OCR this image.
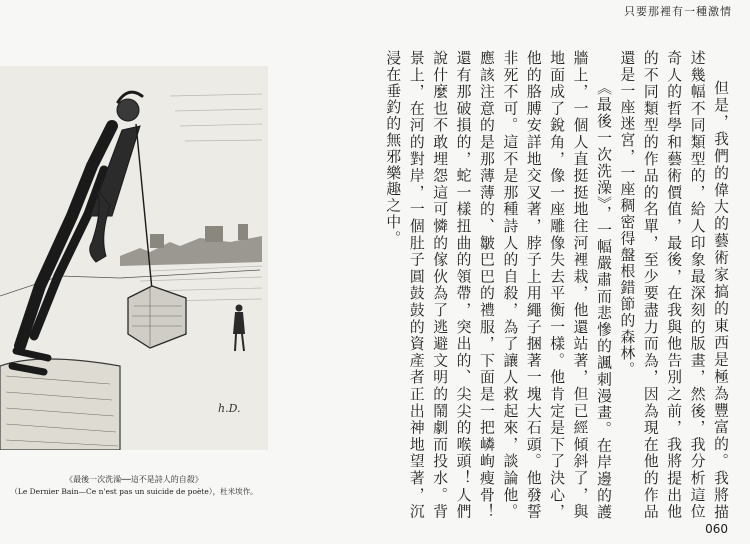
只要那裡有一種激情
h.D.
《最後一次洗澡──這不是詩人的自殺》
（Le Dernier Bain—Ce n'est pas un suicide de poète），杜米埃作。	但是，我們的偉大的藝術家搞的東西是極為豐富的。我將描述幾幅不同類型的，給人印象最深刻的版畫，然後，我分析這位奇人的哲學和藝術價值，最後，在我與他告別之前，我將提出他的不同類型的作品的名單，至少要盡力而為，因為現在他的作品還是一座迷宮，一座稠密得盤根錯節的森林。

《最後一次洗澡》，一幅嚴肅而悲慘的諷刺漫畫。在岸邊的護牆上，一個人直挺挺地往河裡栽，他還站著，但已經傾斜了，與地面成了銳角，像一座雕像失去平衡一樣。他肯定是下了決心，他的胳膊安詳地交叉著，脖子上用繩子捆著一塊大石頭。他發誓非死不可。這不是那種詩人的自殺，為了讓人救起來，談論他。應該注意的是那薄薄的、皺巴巴的禮服，下面是一把嶙峋瘦骨！還有那破損的，蛇一樣扭曲的領帶，突出的、尖尖的喉頭！人們說什麼也不敢埋怨這可憐的傢伙為了逃避文明的鬧劇而投水。背景上，在河的對岸，一個肚子圓鼓鼓的資產者正出神地望著，沉浸在垂釣的無邪樂趣之中。

060
